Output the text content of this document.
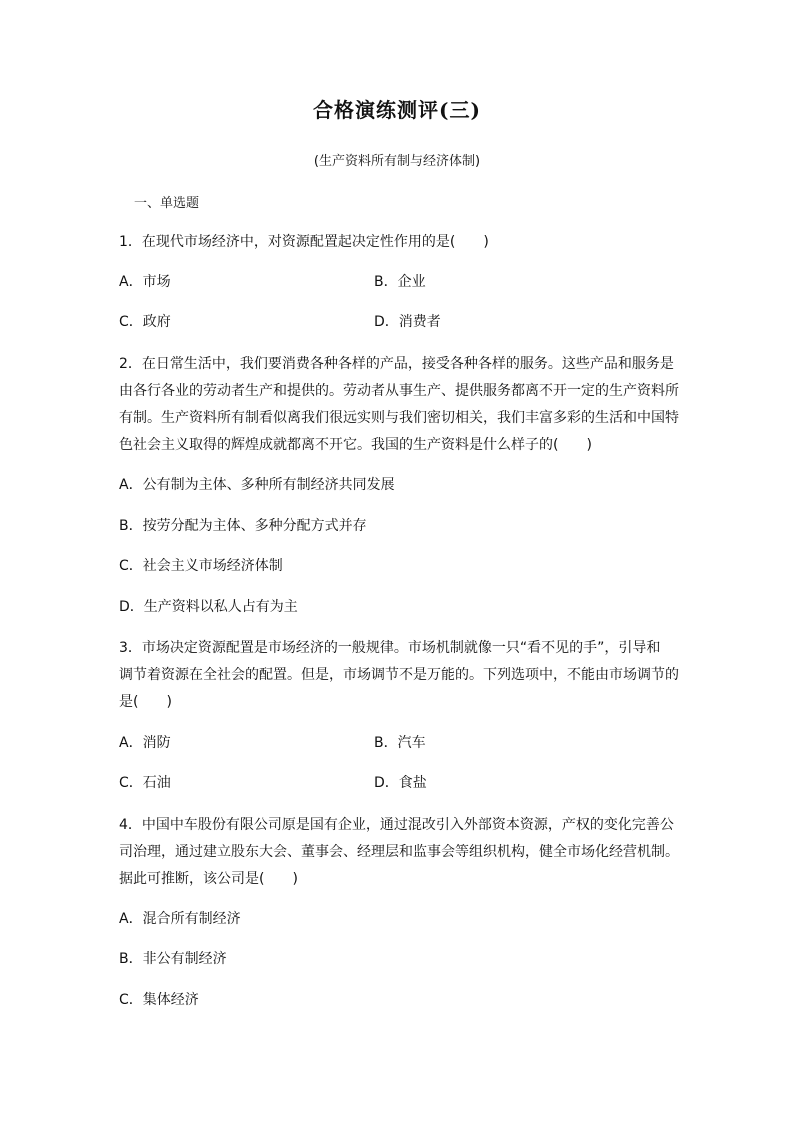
合格演练测评(三)
(生产资料所有制与经济体制)
一、单选题
1．在现代市场经济中，对资源配置起决定性作用的是(　　)
A．市场	B．企业
C．政府	D．消费者
2．在日常生活中，我们要消费各种各样的产品，接受各种各样的服务。这些产品和服务是
由各行各业的劳动者生产和提供的。劳动者从事生产、提供服务都离不开一定的生产资料所
有制。生产资料所有制看似离我们很远实则与我们密切相关，我们丰富多彩的生活和中国特
色社会主义取得的辉煌成就都离不开它。我国的生产资料是什么样子的(　　)
A．公有制为主体、多种所有制经济共同发展
B．按劳分配为主体、多种分配方式并存
C．社会主义市场经济体制
D．生产资料以私人占有为主
3．市场决定资源配置是市场经济的一般规律。市场机制就像一只“看不见的手”，引导和
调节着资源在全社会的配置。但是，市场调节不是万能的。下列选项中，不能由市场调节的
是(　　)
A．消防	B．汽车
C．石油	D．食盐
4．中国中车股份有限公司原是国有企业，通过混改引入外部资本资源，产权的变化完善公
司治理，通过建立股东大会、董事会、经理层和监事会等组织机构，健全市场化经营机制。
据此可推断，该公司是(　　)
A．混合所有制经济
B．非公有制经济
C．集体经济
